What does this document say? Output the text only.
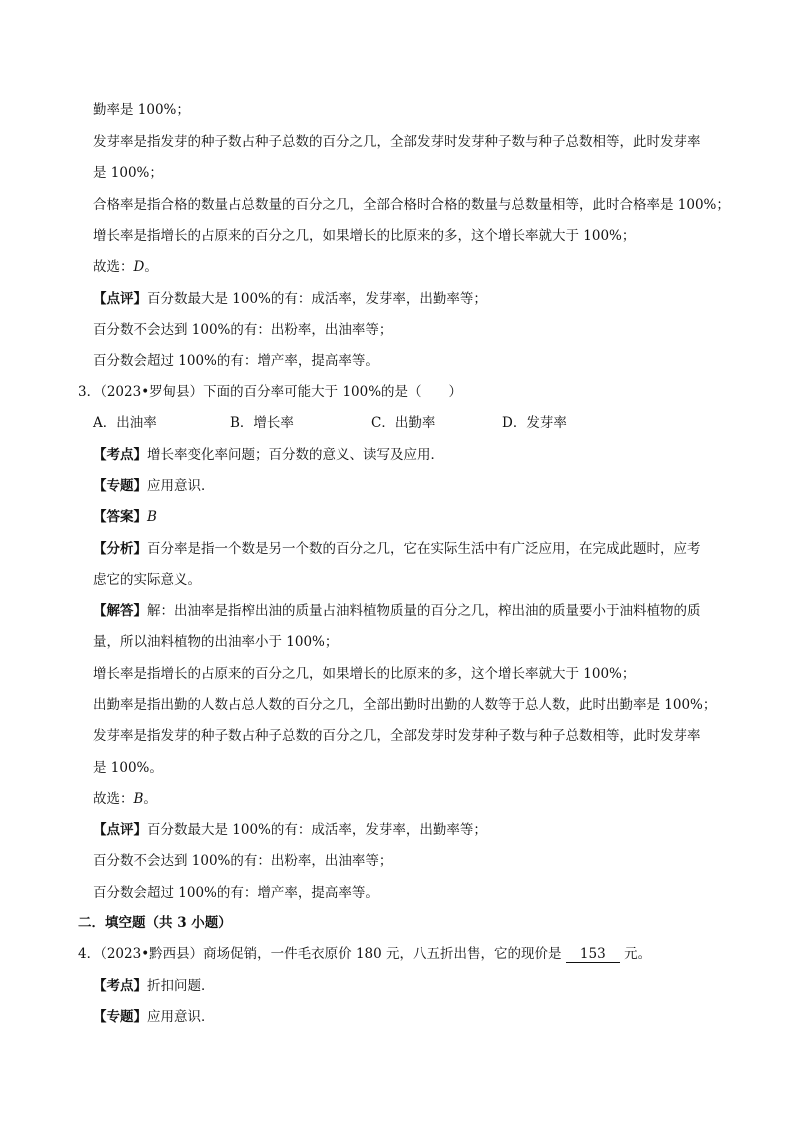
勤率是 100%；
发芽率是指发芽的种子数占种子总数的百分之几，全部发芽时发芽种子数与种子总数相等，此时发芽率
是 100%；
合格率是指合格的数量占总数量的百分之几，全部合格时合格的数量与总数量相等，此时合格率是 100%；
增长率是指增长的占原来的百分之几，如果增长的比原来的多，这个增长率就大于 100%；
故选：D。
【点评】百分数最大是 100%的有：成活率，发芽率，出勤率等；
百分数不会达到 100%的有：出粉率，出油率等；
百分数会超过 100%的有：增产率，提高率等。
3．（2023•罗甸县）下面的百分率可能大于 100%的是（　　）
A．出油率	B．增长率	C．出勤率	D．发芽率
【考点】增长率变化率问题；百分数的意义、读写及应用．
【专题】应用意识．
【答案】B
【分析】百分率是指一个数是另一个数的百分之几，它在实际生活中有广泛应用，在完成此题时，应考
虑它的实际意义。
【解答】解：出油率是指榨出油的质量占油料植物质量的百分之几，榨出油的质量要小于油料植物的质
量，所以油料植物的出油率小于 100%；
增长率是指增长的占原来的百分之几，如果增长的比原来的多，这个增长率就大于 100%；
出勤率是指出勤的人数占总人数的百分之几，全部出勤时出勤的人数等于总人数，此时出勤率是 100%；
发芽率是指发芽的种子数占种子总数的百分之几，全部发芽时发芽种子数与种子总数相等，此时发芽率
是 100%。
故选：B。
【点评】百分数最大是 100%的有：成活率，发芽率，出勤率等；
百分数不会达到 100%的有：出粉率，出油率等；
百分数会超过 100%的有：增产率，提高率等。
二．填空题（共 3 小题）
4．（2023•黔西县）商场促销，一件毛衣原价 180 元，八五折出售，它的现价是 153 元。
【考点】折扣问题．
【专题】应用意识．
